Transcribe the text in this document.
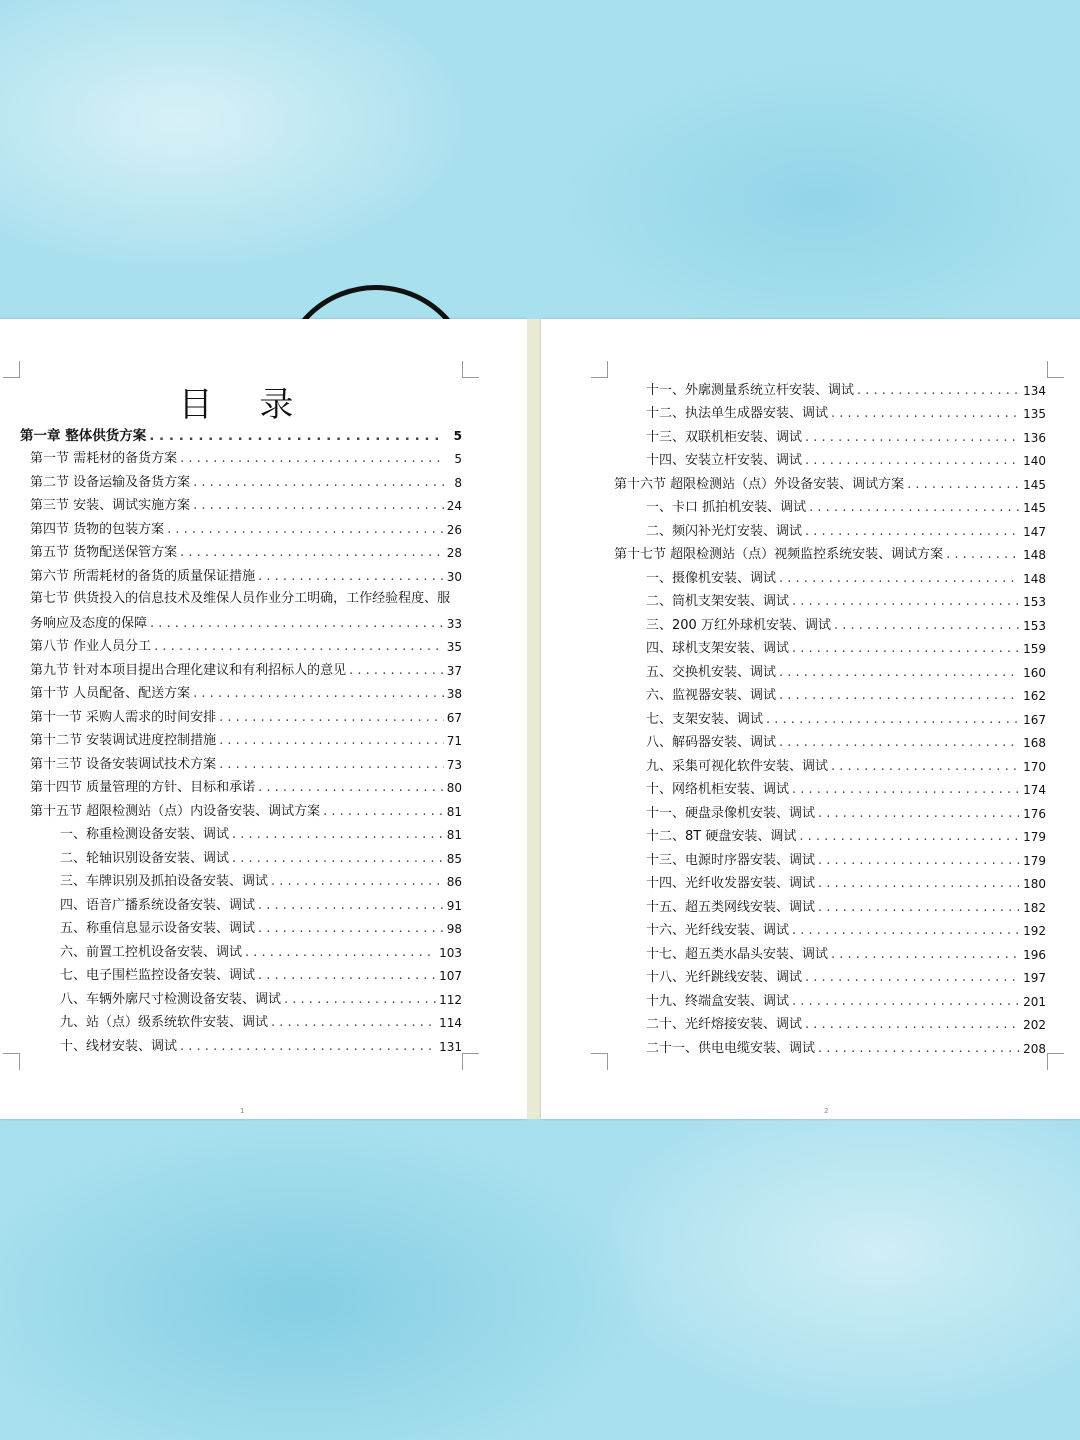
目 录
第一章 整体供货方案 . . .	5
第一节 需耗材的备货方案 . . .	5
第二节 设备运输及备货方案 . . .	8
第三节 安装、调试实施方案 . . .	24
第四节 货物的包装方案 . . .	26
第五节 货物配送保管方案 . . .	28
第六节 所需耗材的备货的质量保证措施 . . .	30
第七节 供货投入的信息技术及维保人员作业分工明确，工作经验程度、服
务响应及态度的保障 . . .	33
第八节 作业人员分工 . . .	35
第九节 针对本项目提出合理化建议和有利招标人的意见 . . .	37
第十节 人员配备、配送方案 . . .	38
第十一节 采购人需求的时间安排 . . .	67
第十二节 安装调试进度控制措施 . . .	71
第十三节 设备安装调试技术方案 . . .	73
第十四节 质量管理的方针、目标和承诺 . . .	80
第十五节 超限检测站（点）内设备安装、调试方案 . . .	81
一、称重检测设备安装、调试 . . .	81
二、轮轴识别设备安装、调试 . . .	85
三、车牌识别及抓拍设备安装、调试 . . .	86
四、语音广播系统设备安装、调试 . . .	91
五、称重信息显示设备安装、调试 . . .	98
六、前置工控机设备安装、调试 . . .	103
七、电子围栏监控设备安装、调试 . . .	107
八、车辆外廓尺寸检测设备安装、调试 . . .	112
九、站（点）级系统软件安装、调试 . . .	114
十、线材安装、调试 . . .	131
1	2
十一、外廓测量系统立杆安装、调试 . . .	134
十二、执法单生成器安装、调试 . . .	135
十三、双联机柜安装、调试 . . .	136
十四、安装立杆安装、调试 . . .	140
第十六节 超限检测站（点）外设备安装、调试方案 . . .	145
一、卡口 抓拍机安装、调试 . . .	145
二、频闪补光灯安装、调试 . . .	147
第十七节 超限检测站（点）视频监控系统安装、调试方案 . . .	148
一、摄像机安装、调试 . . .	148
二、筒机支架安装、调试 . . .	153
三、200 万红外球机安装、调试 . . .	153
四、球机支架安装、调试 . . .	159
五、交换机安装、调试 . . .	160
六、监视器安装、调试 . . .	162
七、支架安装、调试 . . .	167
八、解码器安装、调试 . . .	168
九、采集可视化软件安装、调试 . . .	170
十、网络机柜安装、调试 . . .	174
十一、硬盘录像机安装、调试 . . .	176
十二、8T 硬盘安装、调试 . . .	179
十三、电源时序器安装、调试 . . .	179
十四、光纤收发器安装、调试 . . .	180
十五、超五类网线安装、调试 . . .	182
十六、光纤线安装、调试 . . .	192
十七、超五类水晶头安装、调试 . . .	196
十八、光纤跳线安装、调试 . . .	197
十九、终端盒安装、调试 . . .	201
二十、光纤熔接安装、调试 . . .	202
二十一、供电电缆安装、调试 . . .	208
